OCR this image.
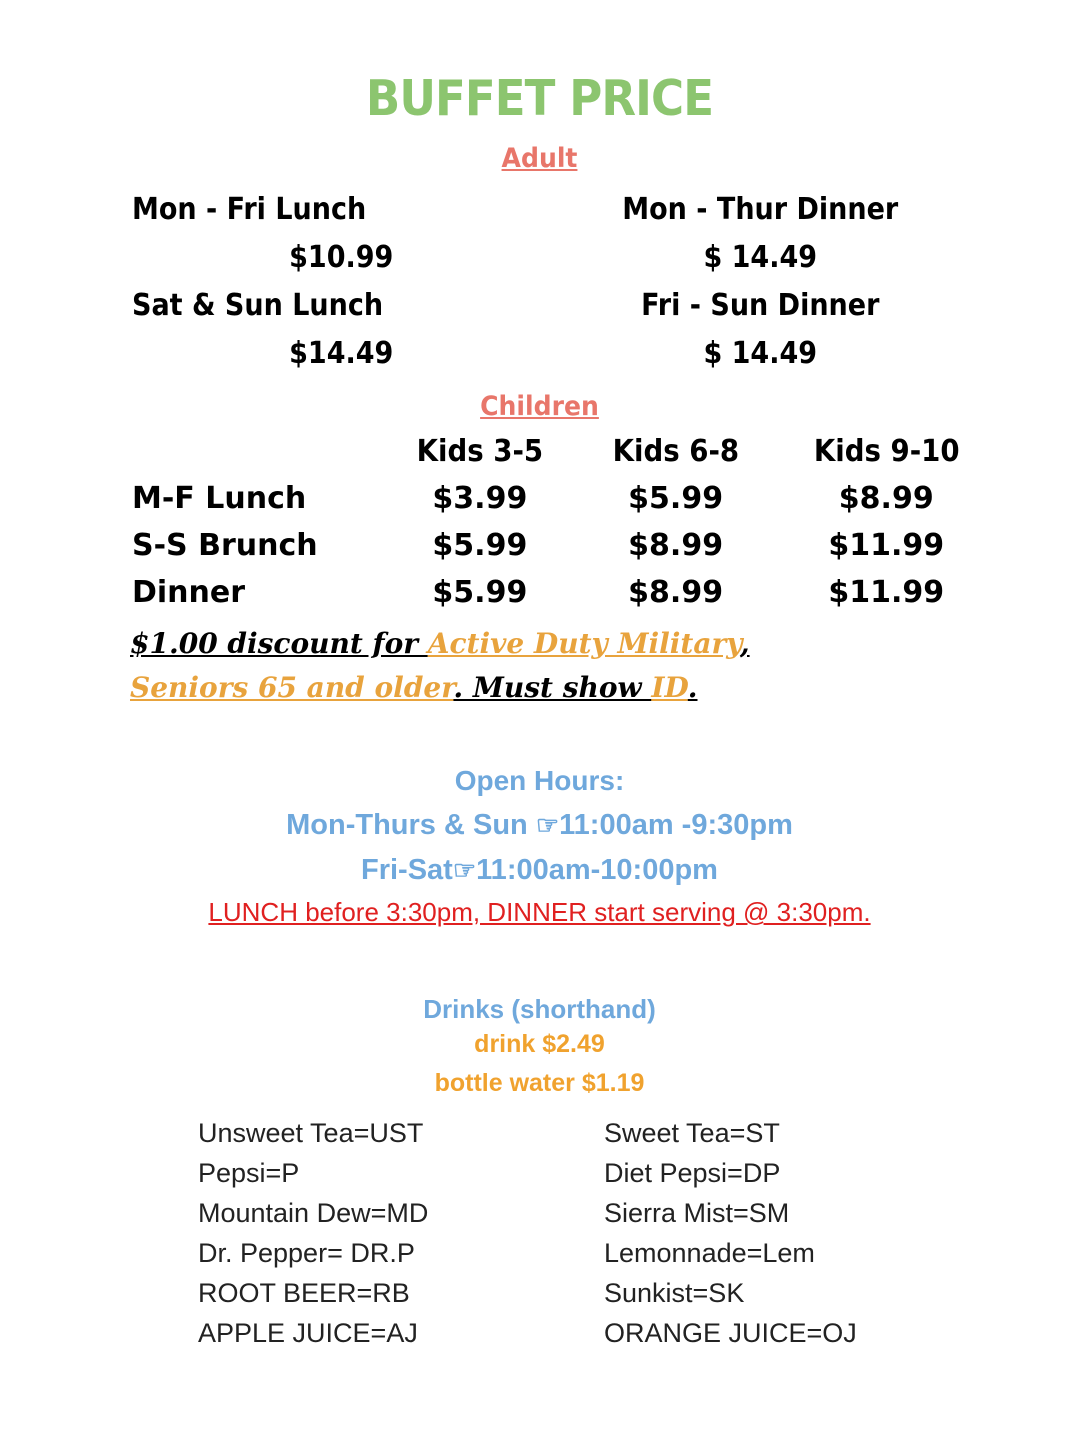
BUFFET PRICE
Adult
Mon - Fri Lunch	Mon - Thur Dinner
$10.99	$ 14.49
Sat & Sun Lunch	Fri - Sun Dinner
$14.49	$ 14.49
Children
	Kids 3-5	Kids 6-8	Kids 9-10
M-F Lunch	$3.99	$5.99	$8.99
S-S Brunch	$5.99	$8.99	$11.99
Dinner	$5.99	$8.99	$11.99
$1.00 discount for Active Duty Military,
Seniors 65 and older. Must show ID.
Open Hours:
Mon-Thurs & Sun ☞11:00am -9:30pm
Fri-Sat☞11:00am-10:00pm
LUNCH before 3:30pm, DINNER start serving @ 3:30pm.
Drinks (shorthand)
drink $2.49
bottle water $1.19
Unsweet Tea=UST	Sweet Tea=ST
Pepsi=P	Diet Pepsi=DP
Mountain Dew=MD	Sierra Mist=SM
Dr. Pepper= DR.P	Lemonnade=Lem
ROOT BEER=RB	Sunkist=SK
APPLE JUICE=AJ	ORANGE JUICE=OJ
